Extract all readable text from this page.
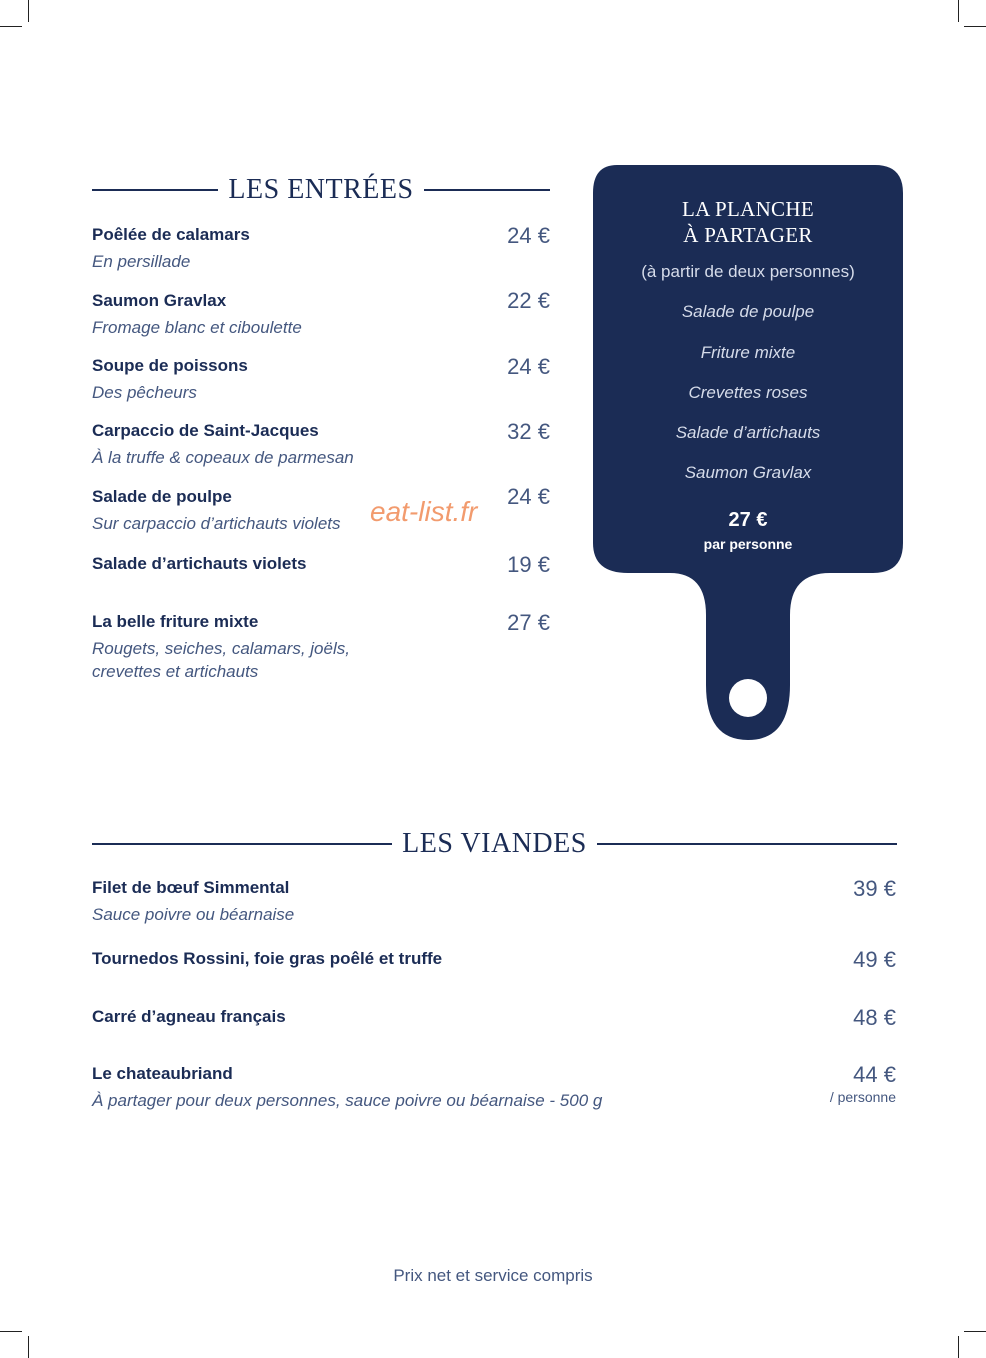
LES ENTRÉES
Poêlée de calamars
En persillade
24 €
Saumon Gravlax
Fromage blanc et ciboulette
22 €
Soupe de poissons
Des pêcheurs
24 €
Carpaccio de Saint-Jacques
À la truffe & copeaux de parmesan
32 €
Salade de poulpe
Sur carpaccio d’artichauts violets
24 €
Salade d’artichauts violets	19 €
La belle friture mixte
Rougets, seiches, calamars, joëls,
crevettes et artichauts
27 €
eat-list.fr
LA PLANCHE
À PARTAGER
(à partir de deux personnes)
Salade de poulpe
Friture mixte
Crevettes roses
Salade d’artichauts
Saumon Gravlax
27 €
par personne
LES VIANDES
Filet de bœuf Simmental
Sauce poivre ou béarnaise
39 €
Tournedos Rossini, foie gras poêlé et truffe	49 €
Carré d’agneau français	48 €
Le chateaubriand
À partager pour deux personnes, sauce poivre ou béarnaise - 500 g
44 €
/ personne
Prix net et service compris
